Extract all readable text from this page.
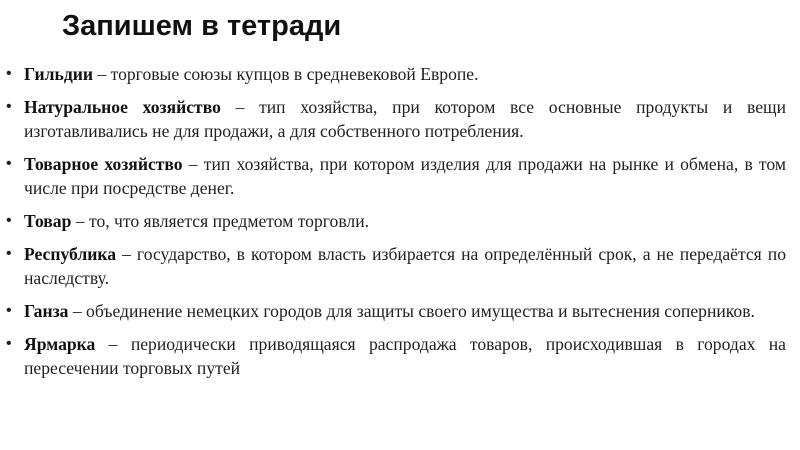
Запишем в тетради
• Гильдии – торговые союзы купцов в средневековой Европе.
• Натуральное хозяйство – тип хозяйства, при котором все основные продукты и вещи изготавливались не для продажи, а для собственного потребления.
• Товарное хозяйство – тип хозяйства, при котором изделия для продажи на рынке и обмена, в том числе при посредстве денег.
• Товар – то, что является предметом торговли.
• Республика – государство, в котором власть избирается на определённый срок, а не передаётся по наследству.
• Ганза – объединение немецких городов для защиты своего имущества и вытеснения соперников.
• Ярмарка – периодически приводящаяся распродажа товаров, происходившая в городах на пересечении торговых путей
